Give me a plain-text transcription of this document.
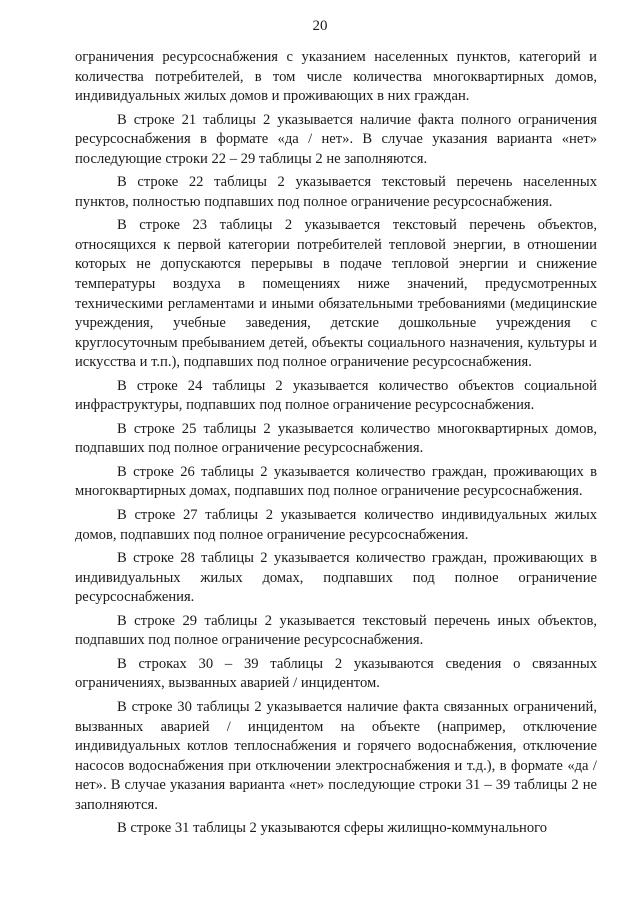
20

ограничения ресурсоснабжения с указанием населенных пунктов, категорий и количества потребителей, в том числе количества многоквартирных домов, индивидуальных жилых домов и проживающих в них граждан.

В строке 21 таблицы 2 указывается наличие факта полного ограничения ресурсоснабжения в формате «да / нет». В случае указания варианта «нет» последующие строки 22 – 29 таблицы 2 не заполняются.

В строке 22 таблицы 2 указывается текстовый перечень населенных пунктов, полностью подпавших под полное ограничение ресурсоснабжения.

В строке 23 таблицы 2 указывается текстовый перечень объектов, относящихся к первой категории потребителей тепловой энергии, в отношении которых не допускаются перерывы в подаче тепловой энергии и снижение температуры воздуха в помещениях ниже значений, предусмотренных техническими регламентами и иными обязательными требованиями (медицинские учреждения, учебные заведения, детские дошкольные учреждения с круглосуточным пребыванием детей, объекты социального назначения, культуры и искусства и т.п.), подпавших под полное ограничение ресурсоснабжения.

В строке 24 таблицы 2 указывается количество объектов социальной инфраструктуры, подпавших под полное ограничение ресурсоснабжения.

В строке 25 таблицы 2 указывается количество многоквартирных домов, подпавших под полное ограничение ресурсоснабжения.

В строке 26 таблицы 2 указывается количество граждан, проживающих в многоквартирных домах, подпавших под полное ограничение ресурсоснабжения.

В строке 27 таблицы 2 указывается количество индивидуальных жилых домов, подпавших под полное ограничение ресурсоснабжения.

В строке 28 таблицы 2 указывается количество граждан, проживающих в индивидуальных жилых домах, подпавших под полное ограничение ресурсоснабжения.

В строке 29 таблицы 2 указывается текстовый перечень иных объектов, подпавших под полное ограничение ресурсоснабжения.

В строках 30 – 39 таблицы 2 указываются сведения о связанных ограничениях, вызванных аварией / инцидентом.

В строке 30 таблицы 2 указывается наличие факта связанных ограничений, вызванных аварией / инцидентом на объекте (например, отключение индивидуальных котлов теплоснабжения и горячего водоснабжения, отключение насосов водоснабжения при отключении электроснабжения и т.д.), в формате «да / нет». В случае указания варианта «нет» последующие строки 31 – 39 таблицы 2 не заполняются.

В строке 31 таблицы 2 указываются сферы жилищно-коммунального
